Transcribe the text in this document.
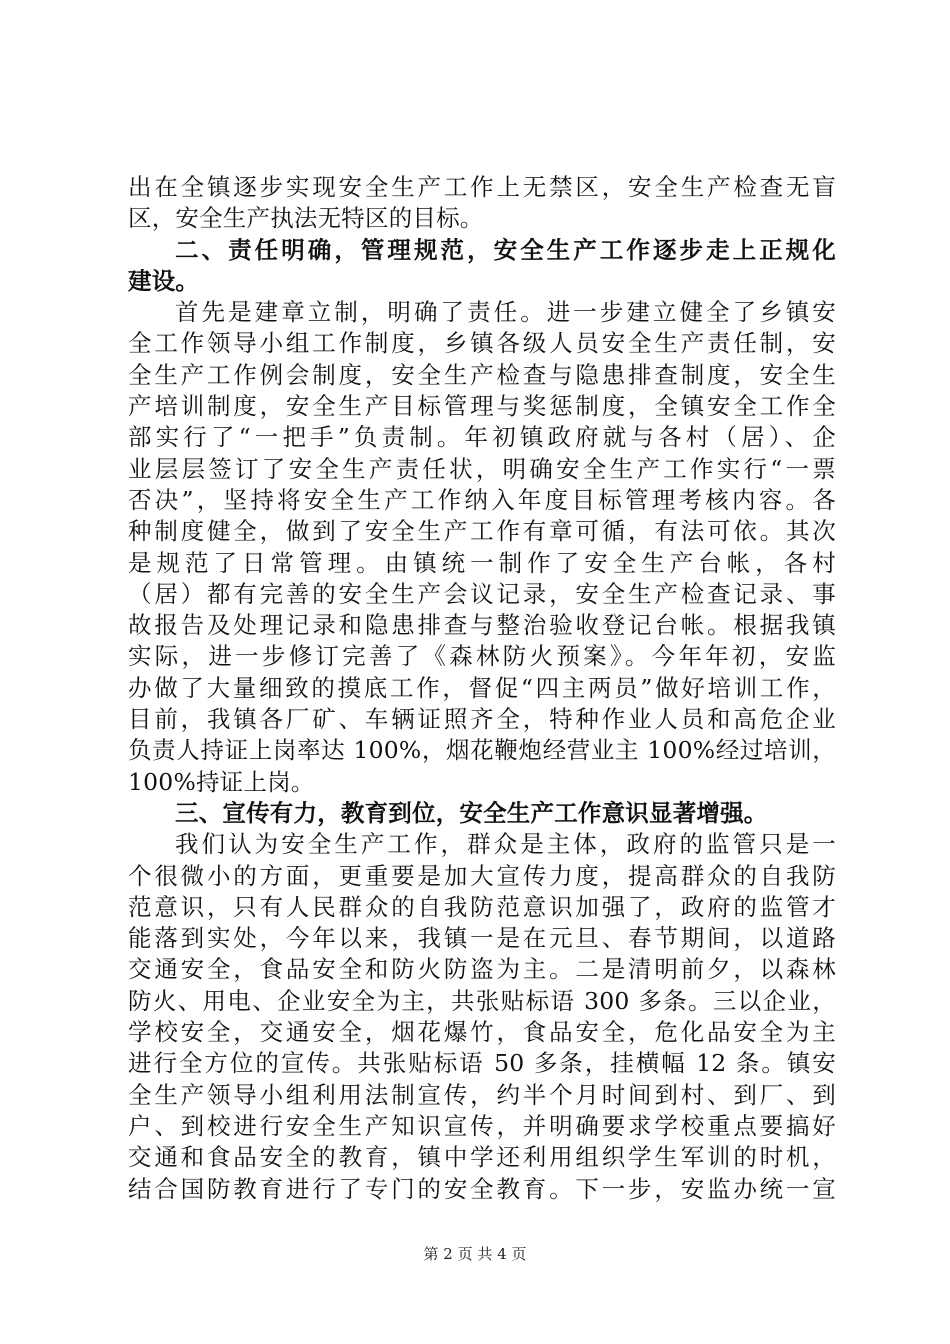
出在全镇逐步实现安全生产工作上无禁区，安全生产检查无盲
区，安全生产执法无特区的目标。
二、责任明确，管理规范，安全生产工作逐步走上正规化
建设。
首先是建章立制，明确了责任。进一步建立健全了乡镇安
全工作领导小组工作制度，乡镇各级人员安全生产责任制，安
全生产工作例会制度，安全生产检查与隐患排查制度，安全生
产培训制度，安全生产目标管理与奖惩制度，全镇安全工作全
部实行了“一把手”负责制。年初镇政府就与各村（居）、企
业层层签订了安全生产责任状，明确安全生产工作实行“一票
否决”，坚持将安全生产工作纳入年度目标管理考核内容。各
种制度健全，做到了安全生产工作有章可循，有法可依。其次
是规范了日常管理。由镇统一制作了安全生产台帐，各村
（居）都有完善的安全生产会议记录，安全生产检查记录、事
故报告及处理记录和隐患排查与整治验收登记台帐。根据我镇
实际，进一步修订完善了《森林防火预案》。今年年初，安监
办做了大量细致的摸底工作，督促“四主两员”做好培训工作，
目前，我镇各厂矿、车辆证照齐全，特种作业人员和高危企业
负责人持证上岗率达 100%，烟花鞭炮经营业主 100%经过培训，
100%持证上岗。
三、宣传有力，教育到位，安全生产工作意识显著增强。
我们认为安全生产工作，群众是主体，政府的监管只是一
个很微小的方面，更重要是加大宣传力度，提高群众的自我防
范意识，只有人民群众的自我防范意识加强了，政府的监管才
能落到实处，今年以来，我镇一是在元旦、春节期间，以道路
交通安全，食品安全和防火防盗为主。二是清明前夕，以森林
防火、用电、企业安全为主，共张贴标语 300 多条。三以企业，
学校安全，交通安全，烟花爆竹，食品安全，危化品安全为主
进行全方位的宣传。共张贴标语 50 多条，挂横幅 12 条。镇安
全生产领导小组利用法制宣传，约半个月时间到村、到厂、到
户、到校进行安全生产知识宣传，并明确要求学校重点要搞好
交通和食品安全的教育，镇中学还利用组织学生军训的时机，
结合国防教育进行了专门的安全教育。下一步，安监办统一宣
第 2 页 共 4 页
